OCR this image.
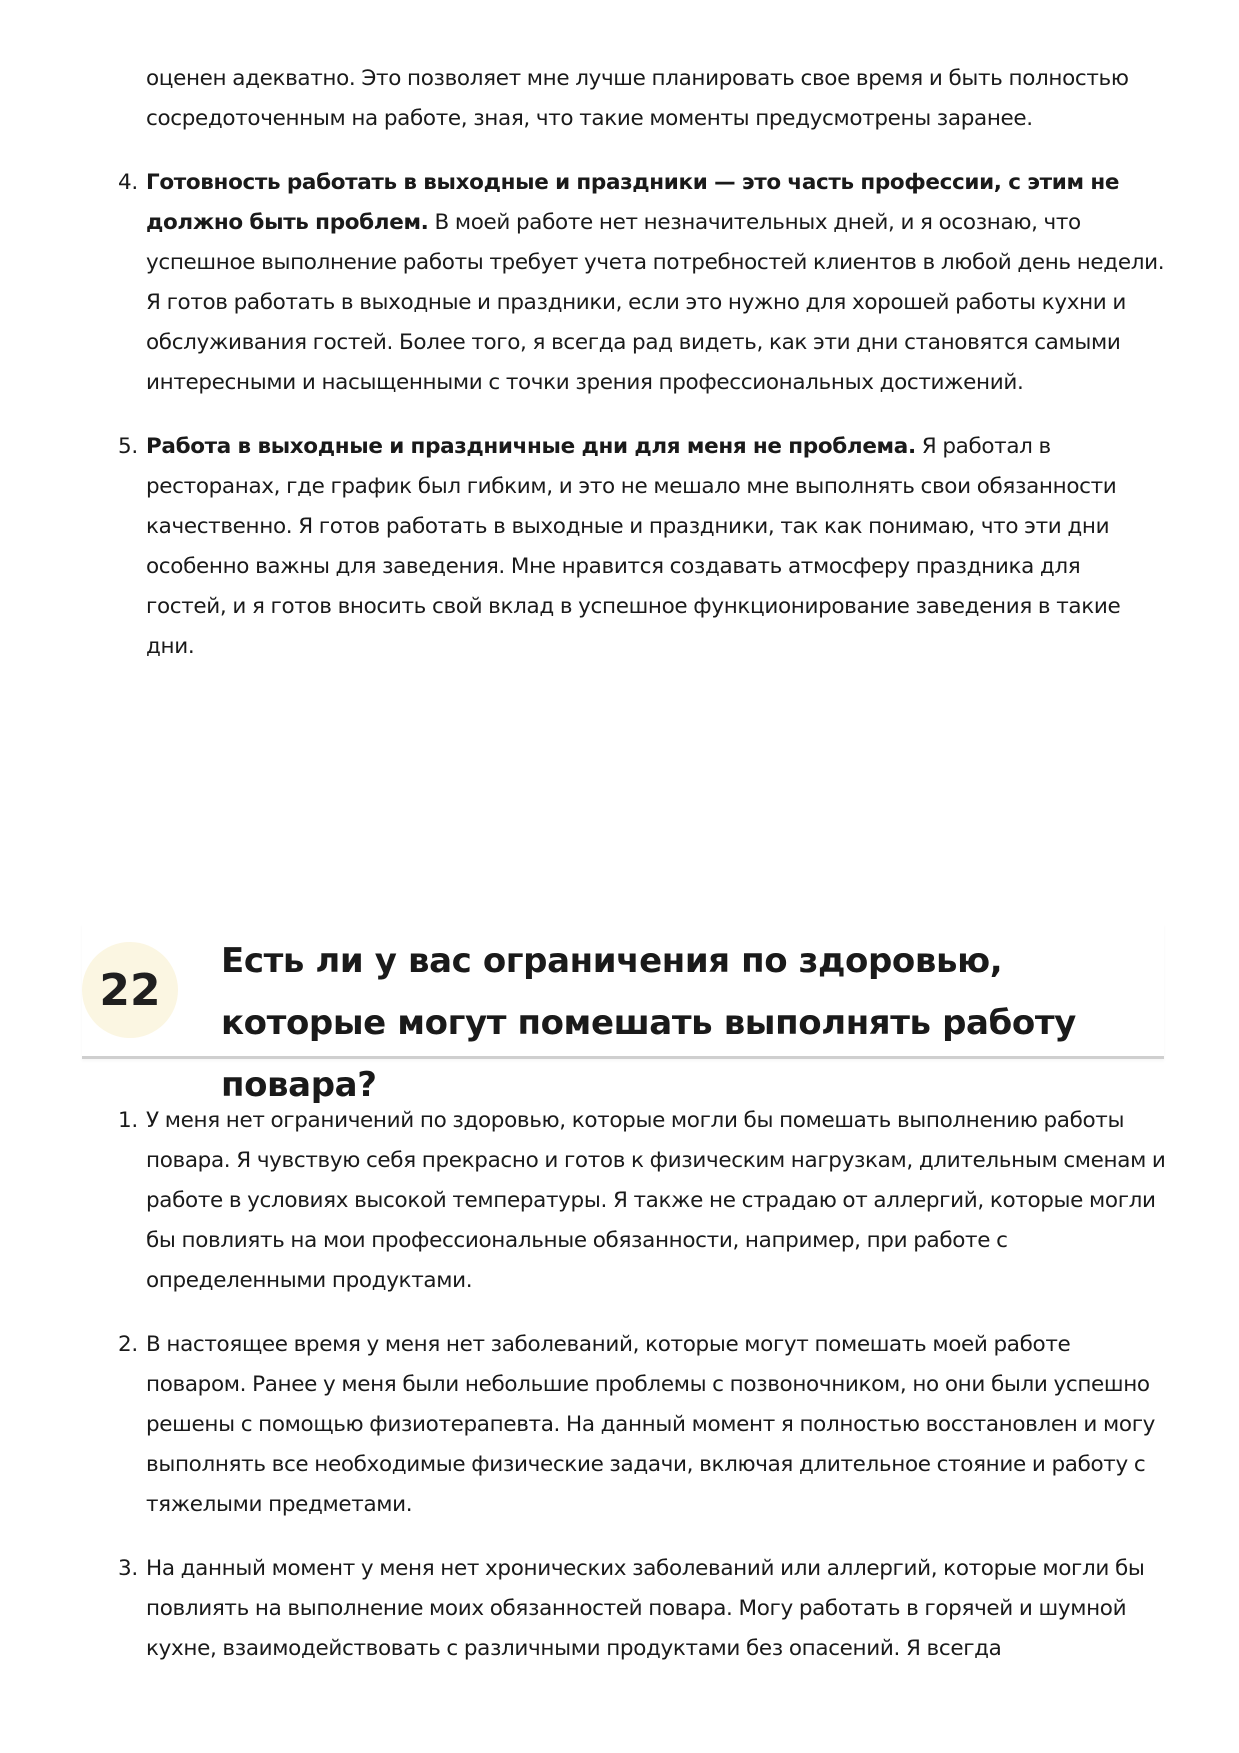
оценен адекватно. Это позволяет мне лучше планировать свое время и быть полностью сосредоточенным на работе, зная, что такие моменты предусмотрены заранее.
4. Готовность работать в выходные и праздники — это часть профессии, с этим не должно быть проблем. В моей работе нет незначительных дней, и я осознаю, что успешное выполнение работы требует учета потребностей клиентов в любой день недели. Я готов работать в выходные и праздники, если это нужно для хорошей работы кухни и обслуживания гостей. Более того, я всегда рад видеть, как эти дни становятся самыми интересными и насыщенными с точки зрения профессиональных достижений.
5. Работа в выходные и праздничные дни для меня не проблема. Я работал в ресторанах, где график был гибким, и это не мешало мне выполнять свои обязанности качественно. Я готов работать в выходные и праздники, так как понимаю, что эти дни особенно важны для заведения. Мне нравится создавать атмосферу праздника для гостей, и я готов вносить свой вклад в успешное функционирование заведения в такие дни.
22
Есть ли у вас ограничения по здоровью, которые могут помешать выполнять работу повара?
1. У меня нет ограничений по здоровью, которые могли бы помешать выполнению работы повара. Я чувствую себя прекрасно и готов к физическим нагрузкам, длительным сменам и работе в условиях высокой температуры. Я также не страдаю от аллергий, которые могли бы повлиять на мои профессиональные обязанности, например, при работе с определенными продуктами.
2. В настоящее время у меня нет заболеваний, которые могут помешать моей работе поваром. Ранее у меня были небольшие проблемы с позвоночником, но они были успешно решены с помощью физиотерапевта. На данный момент я полностью восстановлен и могу выполнять все необходимые физические задачи, включая длительное стояние и работу с тяжелыми предметами.
3. На данный момент у меня нет хронических заболеваний или аллергий, которые могли бы повлиять на выполнение моих обязанностей повара. Могу работать в горячей и шумной кухне, взаимодействовать с различными продуктами без опасений. Я всегда
